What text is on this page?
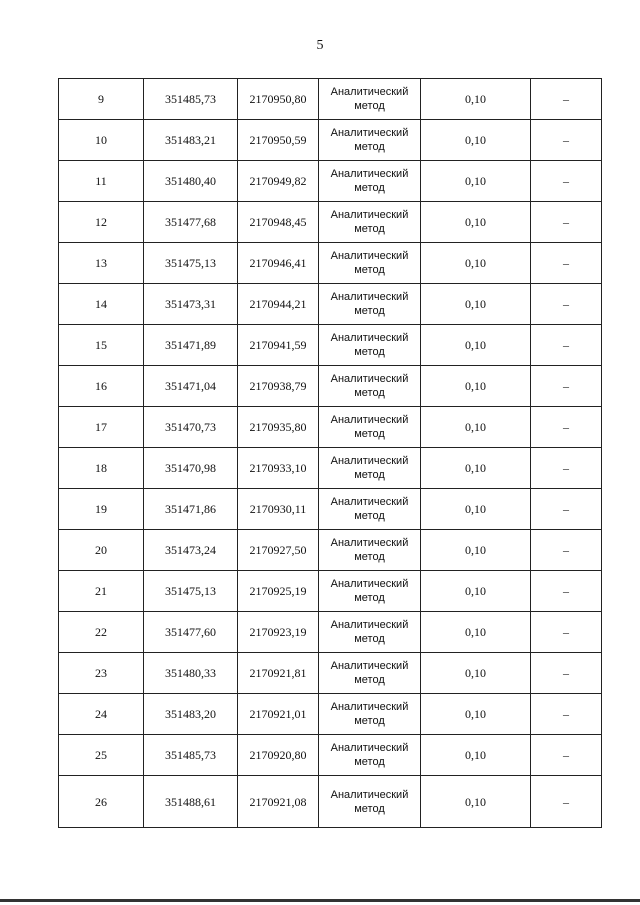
5
9	351485,73	2170950,80	Аналитический метод	0,10	–
10	351483,21	2170950,59	Аналитический метод	0,10	–
11	351480,40	2170949,82	Аналитический метод	0,10	–
12	351477,68	2170948,45	Аналитический метод	0,10	–
13	351475,13	2170946,41	Аналитический метод	0,10	–
14	351473,31	2170944,21	Аналитический метод	0,10	–
15	351471,89	2170941,59	Аналитический метод	0,10	–
16	351471,04	2170938,79	Аналитический метод	0,10	–
17	351470,73	2170935,80	Аналитический метод	0,10	–
18	351470,98	2170933,10	Аналитический метод	0,10	–
19	351471,86	2170930,11	Аналитический метод	0,10	–
20	351473,24	2170927,50	Аналитический метод	0,10	–
21	351475,13	2170925,19	Аналитический метод	0,10	–
22	351477,60	2170923,19	Аналитический метод	0,10	–
23	351480,33	2170921,81	Аналитический метод	0,10	–
24	351483,20	2170921,01	Аналитический метод	0,10	–
25	351485,73	2170920,80	Аналитический метод	0,10	–
26	351488,61	2170921,08	Аналитический метод	0,10	–
